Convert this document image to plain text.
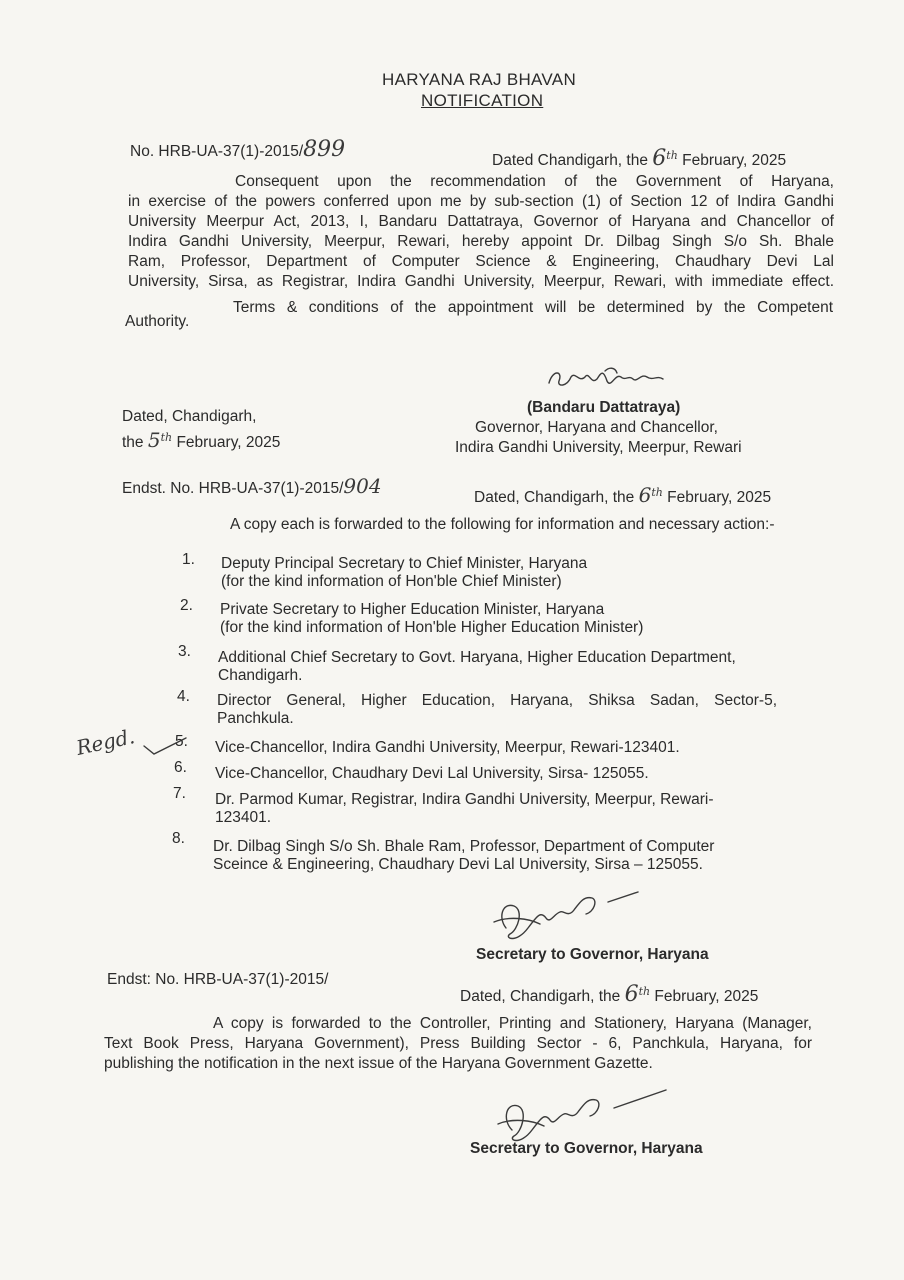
HARYANA RAJ BHAVAN
NOTIFICATION
No. HRB-UA-37(1)-2015/899	Dated Chandigarh, the 6th February, 2025
Consequent upon the recommendation of the Government of Haryana,
in exercise of the powers conferred upon me by sub-section (1) of Section 12 of Indira Gandhi
University Meerpur Act, 2013, I, Bandaru Dattatraya, Governor of Haryana and Chancellor of
Indira Gandhi University, Meerpur, Rewari, hereby appoint Dr. Dilbag Singh S/o Sh. Bhale
Ram, Professor, Department of Computer Science & Engineering, Chaudhary Devi Lal
University, Sirsa, as Registrar, Indira Gandhi University, Meerpur, Rewari, with immediate effect.
Terms & conditions of the appointment will be determined by the Competent
Authority.
Dated, Chandigarh,
the 5th February, 2025
(Bandaru Dattatraya)
Governor, Haryana and Chancellor,
Indira Gandhi University, Meerpur, Rewari
Endst. No. HRB-UA-37(1)-2015/904	Dated, Chandigarh, the 6th February, 2025
A copy each is forwarded to the following for information and necessary action:-
1. Deputy Principal Secretary to Chief Minister, Haryana
(for the kind information of Hon'ble Chief Minister)
2. Private Secretary to Higher Education Minister, Haryana
(for the kind information of Hon'ble Higher Education Minister)
3. Additional Chief Secretary to Govt. Haryana, Higher Education Department,
Chandigarh.
4. Director General, Higher Education, Haryana, Shiksa Sadan, Sector-5,
Panchkula.
Regd. 5. Vice-Chancellor, Indira Gandhi University, Meerpur, Rewari-123401.
6. Vice-Chancellor, Chaudhary Devi Lal University, Sirsa- 125055.
7. Dr. Parmod Kumar, Registrar, Indira Gandhi University, Meerpur, Rewari-
123401.
8. Dr. Dilbag Singh S/o Sh. Bhale Ram, Professor, Department of Computer
Sceince & Engineering, Chaudhary Devi Lal University, Sirsa – 125055.
Secretary to Governor, Haryana
Endst: No. HRB-UA-37(1)-2015/
Dated, Chandigarh, the 6th February, 2025
A copy is forwarded to the Controller, Printing and Stationery, Haryana (Manager,
Text Book Press, Haryana Government), Press Building Sector - 6, Panchkula, Haryana, for
publishing the notification in the next issue of the Haryana Government Gazette.
Secretary to Governor, Haryana
